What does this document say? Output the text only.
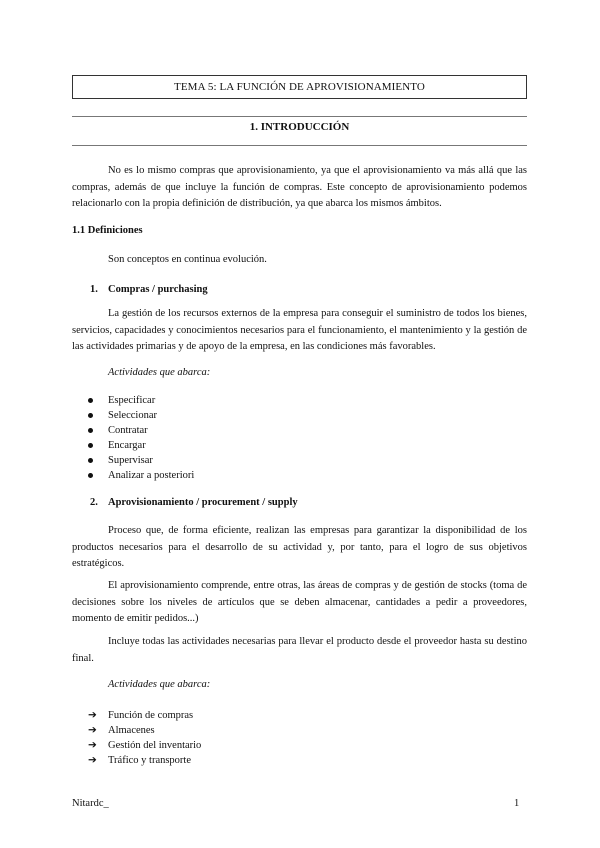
TEMA 5: LA FUNCIÓN DE APROVISIONAMIENTO
1. INTRODUCCIÓN
No es lo mismo compras que aprovisionamiento, ya que el aprovisionamiento va más allá que las compras, además de que incluye la función de compras. Este concepto de aprovisionamiento podemos relacionarlo con la propia definición de distribución, ya que abarca los mismos ámbitos.
1.1 Definiciones
Son conceptos en continua evolución.
1. Compras / purchasing
La gestión de los recursos externos de la empresa para conseguir el suministro de todos los bienes, servicios, capacidades y conocimientos necesarios para el funcionamiento, el mantenimiento y la gestión de las actividades primarias y de apoyo de la empresa, en las condiciones más favorables.
Actividades que abarca:
Especificar
Seleccionar
Contratar
Encargar
Supervisar
Analizar a posteriori
2. Aprovisionamiento / procurement / supply
Proceso que, de forma eficiente, realizan las empresas para garantizar la disponibilidad de los productos necesarios para el desarrollo de su actividad y, por tanto, para el logro de sus objetivos estratégicos.
El aprovisionamiento comprende, entre otras, las áreas de compras y de gestión de stocks (toma de decisiones sobre los niveles de artículos que se deben almacenar, cantidades a pedir a proveedores, momento de emitir pedidos...)
Incluye todas las actividades necesarias para llevar el producto desde el proveedor hasta su destino final.
Actividades que abarca:
➔ Función de compras
➔ Almacenes
➔ Gestión del inventario
➔ Tráfico y transporte
Nitardc_	1
